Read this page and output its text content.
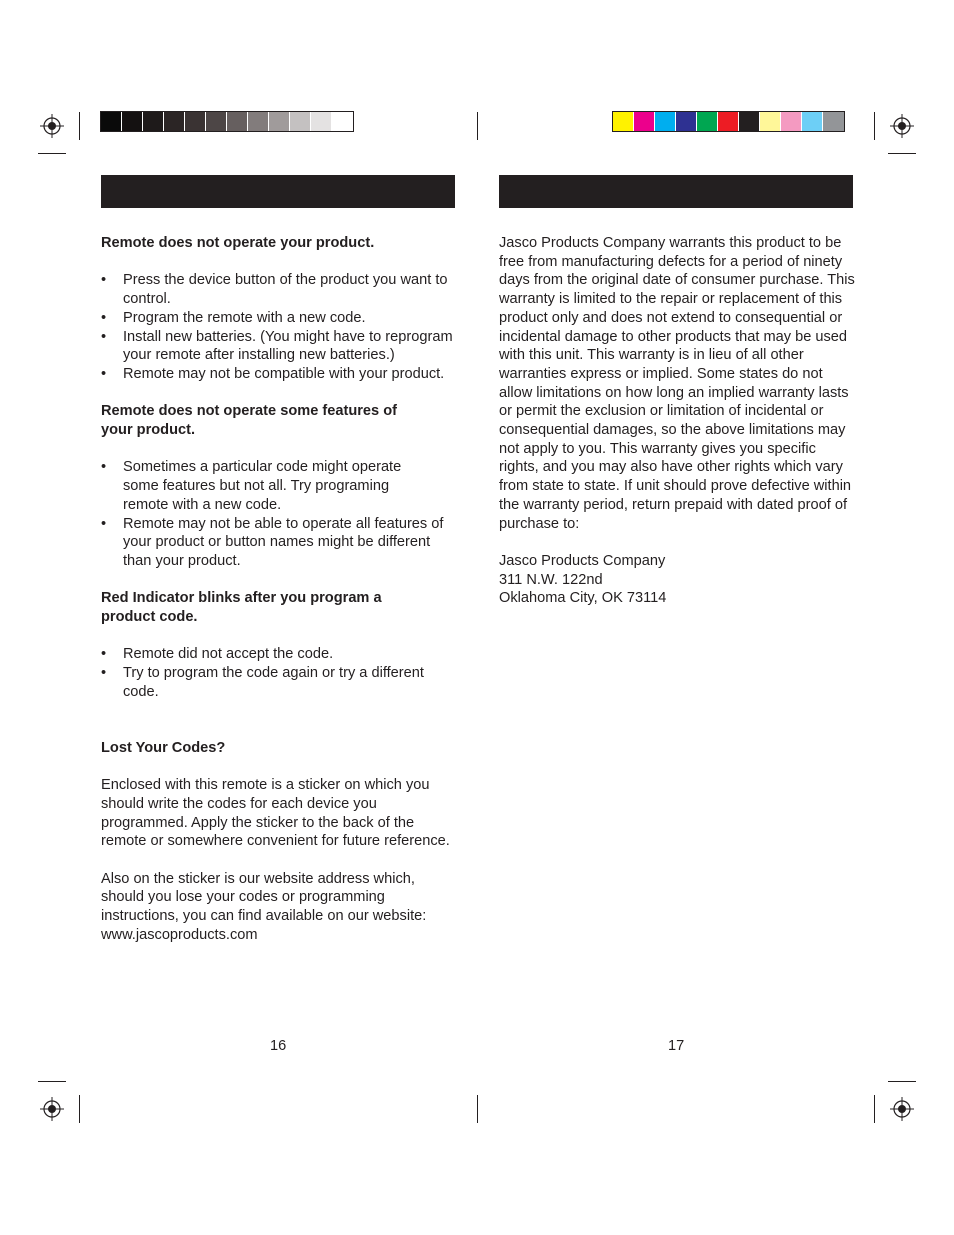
Remote does not operate your product.

• Press the device button of the product you want to control.
• Program the remote with a new code.
• Install new batteries. (You might have to reprogram your remote after installing new batteries.)
• Remote may not be compatible with your product.

Remote does not operate some features of your product.

• Sometimes a particular code might operate some features but not all. Try programing remote with a new code.
• Remote may not be able to operate all features of your product or button names might be different than your product.

Red Indicator blinks after you program a product code.

• Remote did not accept the code.
• Try to program the code again or try a different code.

Lost Your Codes?

Enclosed with this remote is a sticker on which you should write the codes for each device you programmed. Apply the sticker to the back of the remote or somewhere convenient for future reference.

Also on the sticker is our website address which, should you lose your codes or programming instructions, you can find available on our website: www.jascoproducts.com

Jasco Products Company warrants this product to be free from manufacturing defects for a period of ninety days from the original date of consumer purchase. This warranty is limited to the repair or replacement of this product only and does not extend to consequential or incidental damage to other products that may be used with this unit. This warranty is in lieu of all other warranties express or implied. Some states do not allow limitations on how long an implied warranty lasts or permit the exclusion or limitation of incidental or consequential damages, so the above limitations may not apply to you. This warranty gives you specific rights, and you may also have other rights which vary from state to state. If unit should prove defective within the warranty period, return prepaid with dated proof of purchase to:

Jasco Products Company

311 N.W. 122nd

Oklahoma City, OK 73114

16	17
